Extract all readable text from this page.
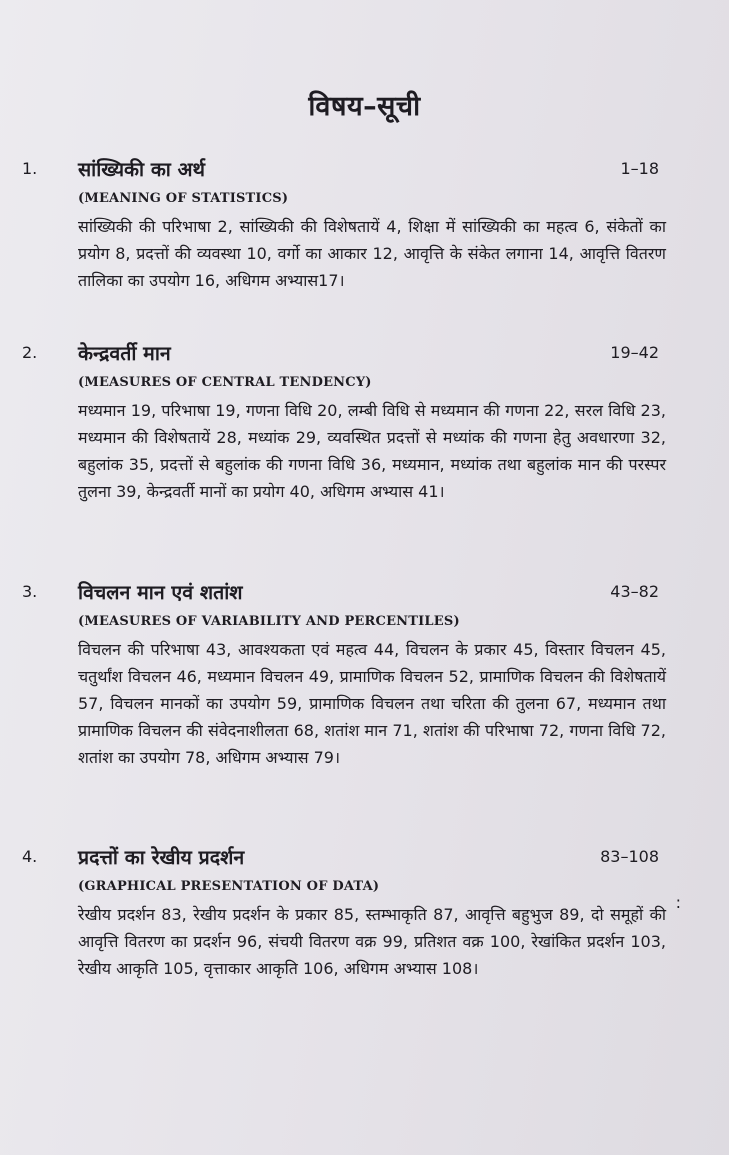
विषय–सूची
1. सांख्यिकी का अर्थ	1–18
(MEANING OF STATISTICS)

सांख्यिकी की परिभाषा 2, सांख्यिकी की विशेषतायें 4, शिक्षा में सांख्यिकी का महत्व 6, संकेतों का प्रयोग 8, प्रदत्तों की व्यवस्था 10, वर्गो का आकार 12, आवृत्ति के संकेत लगाना 14, आवृत्ति वितरण तालिका का उपयोग 16, अधिगम अभ्यास17।

2. केन्द्रवर्ती मान	19–42
(MEASURES OF CENTRAL TENDENCY)

मध्यमान 19, परिभाषा 19, गणना विधि 20, लम्बी विधि से मध्यमान की गणना 22, सरल विधि 23, मध्यमान की विशेषतायें 28, मध्यांक 29, व्यवस्थित प्रदत्तों से मध्यांक की गणना हेतु अवधारणा 32, बहुलांक 35, प्रदत्तों से बहुलांक की गणना विधि 36, मध्यमान, मध्यांक तथा बहुलांक मान की परस्पर तुलना 39, केन्द्रवर्ती मानों का प्रयोग 40, अधिगम अभ्यास 41।

3. विचलन मान एवं शतांश	43–82
(MEASURES OF VARIABILITY AND PERCENTILES)

विचलन की परिभाषा 43, आवश्यकता एवं महत्व 44, विचलन के प्रकार 45, विस्तार विचलन 45, चतुर्थांश विचलन 46, मध्यमान विचलन 49, प्रामाणिक विचलन 52, प्रामाणिक विचलन की विशेषतायें 57, विचलन मानकों का उपयोग 59, प्रामाणिक विचलन तथा चरिता की तुलना 67, मध्यमान तथा प्रामाणिक विचलन की संवेदनाशीलता 68, शतांश मान 71, शतांश की परिभाषा 72, गणना विधि 72, शतांश का उपयोग 78, अधिगम अभ्यास 79।

4. प्रदत्तों का रेखीय प्रदर्शन	83–108
(GRAPHICAL PRESENTATION OF DATA)

रेखीय प्रदर्शन 83, रेखीय प्रदर्शन के प्रकार 85, स्तम्भाकृति 87, आवृत्ति बहुभुज 89, दो समूहों की आवृत्ति वितरण का प्रदर्शन 96, संचयी वितरण वक्र 99, प्रतिशत वक्र 100, रेखांकित प्रदर्शन 103, रेखीय आकृति 105, वृत्ताकार आकृति 106, अधिगम अभ्यास 108।

:
